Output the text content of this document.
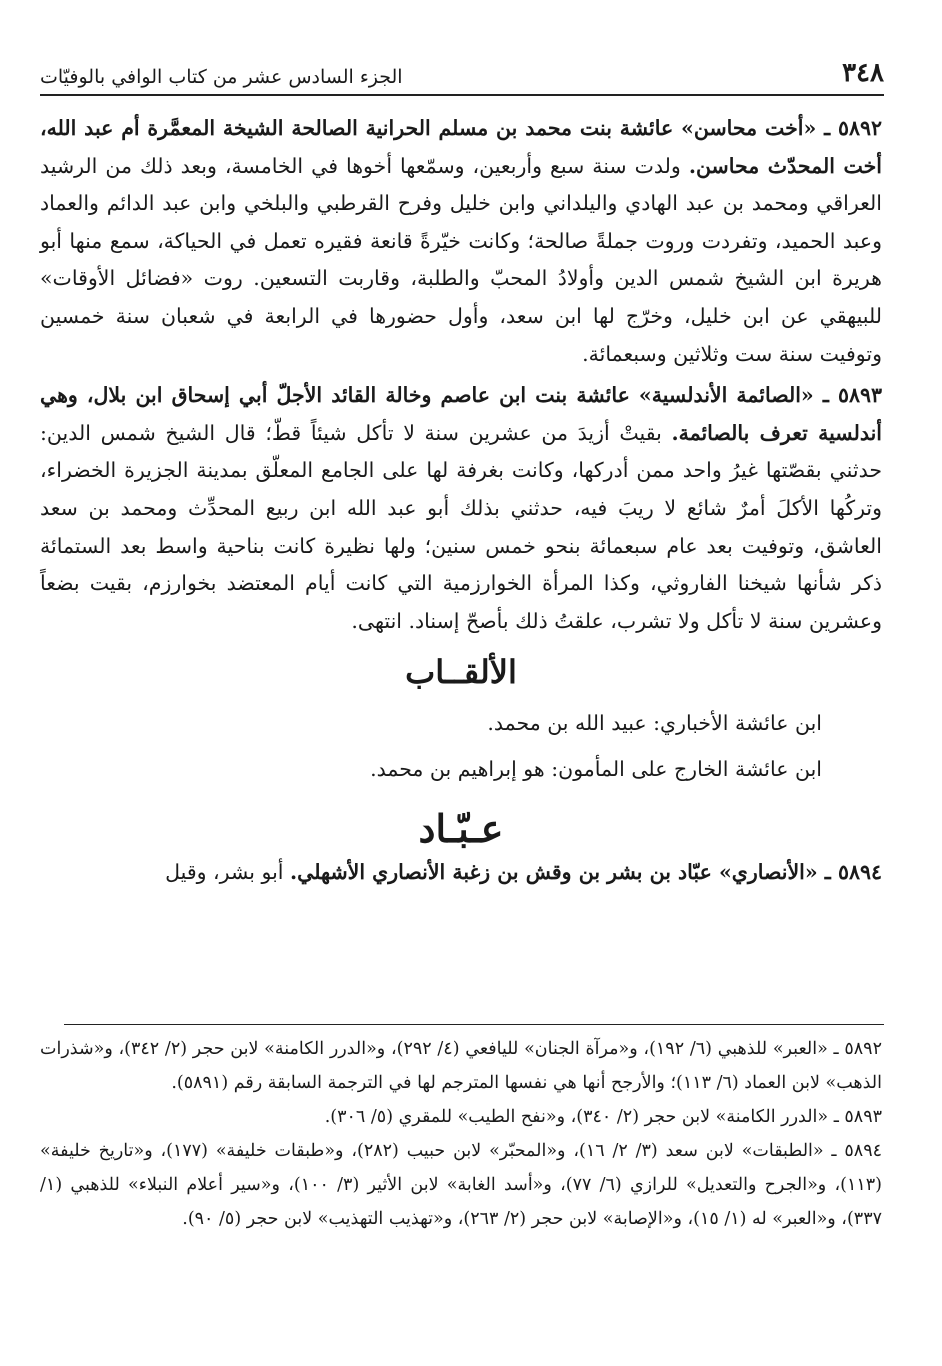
٣٤٨
الجزء السادس عشر من كتاب الوافي بالوفيّات

٥٨٩٢ ـ «أخت محاسن» عائشة بنت محمد بن مسلم الحرانية الصالحة الشيخة المعمَّرة أم عبد الله، أخت المحدّث محاسن. ولدت سنة سبع وأربعين، وسمّعها أخوها في الخامسة، وبعد ذلك من الرشيد العراقي ومحمد بن عبد الهادي واليلداني وابن خليل وفرح القرطبي والبلخي وابن عبد الدائم والعماد وعبد الحميد، وتفردت وروت جملةً صالحة؛ وكانت خيّرةً قانعة فقيره تعمل في الحياكة، سمع منها أبو هريرة ابن الشيخ شمس الدين وأولادُ المحبّ والطلبة، وقاربت التسعين. روت «فضائل الأوقات» للبيهقي عن ابن خليل، وخرّج لها ابن سعد، وأول حضورها في الرابعة في شعبان سنة خمسين وتوفيت سنة ست وثلاثين وسبعمائة.

٥٨٩٣ ـ «الصائمة الأندلسية» عائشة بنت ابن عاصم وخالة القائد الأجلّ أبي إسحاق ابن بلال، وهي أندلسية تعرف بالصائمة. بقيتْ أزيدَ من عشرين سنة لا تأكل شيئاً قطّ؛ قال الشيخ شمس الدين: حدثني بقصّتها غيرُ واحد ممن أدركها، وكانت بغرفة لها على الجامع المعلّق بمدينة الجزيرة الخضراء، وتركُها الأكلَ أمرٌ شائع لا ريبَ فيه، حدثني بذلك أبو عبد الله ابن ربيع المحدِّث ومحمد بن سعد العاشق، وتوفيت بعد عام سبعمائة بنحو خمس سنين؛ ولها نظيرة كانت بناحية واسط بعد الستمائة ذكر شأنها شيخنا الفاروثي، وكذا المرأة الخوارزمية التي كانت أيام المعتضد بخوارزم، بقيت بضعاً وعشرين سنة لا تأكل ولا تشرب، علقتُ ذلك بأصحّ إسناد. انتهى.

الألقــاب
ابن عائشة الأخباري: عبيد الله بن محمد.
ابن عائشة الخارج على المأمون: هو إبراهيم بن محمد.
عـبّـاد

٥٨٩٤ ـ «الأنصاري» عبّاد بن بشر بن وقش بن زغبة الأنصاري الأشهلي. أبو بشر، وقيل

٥٨٩٢ ـ «العبر» للذهبي (٦/ ١٩٢)، و«مرآة الجنان» لليافعي (٤/ ٢٩٢)، و«الدرر الكامنة» لابن حجر (٢/ ٣٤٢)، و«شذرات الذهب» لابن العماد (٦/ ١١٣)؛ والأرجح أنها هي نفسها المترجم لها في الترجمة السابقة رقم (٥٨٩١).

٥٨٩٣ ـ «الدرر الكامنة» لابن حجر (٢/ ٣٤٠)، و«نفح الطيب» للمقري (٥/ ٣٠٦).

٥٨٩٤ ـ «الطبقات» لابن سعد (٣/ ٢/ ١٦)، و«المحبّر» لابن حبيب (٢٨٢)، و«طبقات خليفة» (١٧٧)، و«تاريخ خليفة» (١١٣)، و«الجرح والتعديل» للرازي (٦/ ٧٧)، و«أسد الغابة» لابن الأثير (٣/ ١٠٠)، و«سير أعلام النبلاء» للذهبي (١/ ٣٣٧)، و«العبر» له (١/ ١٥)، و«الإصابة» لابن حجر (٢/ ٢٦٣)، و«تهذيب التهذيب» لابن حجر (٥/ ٩٠).
